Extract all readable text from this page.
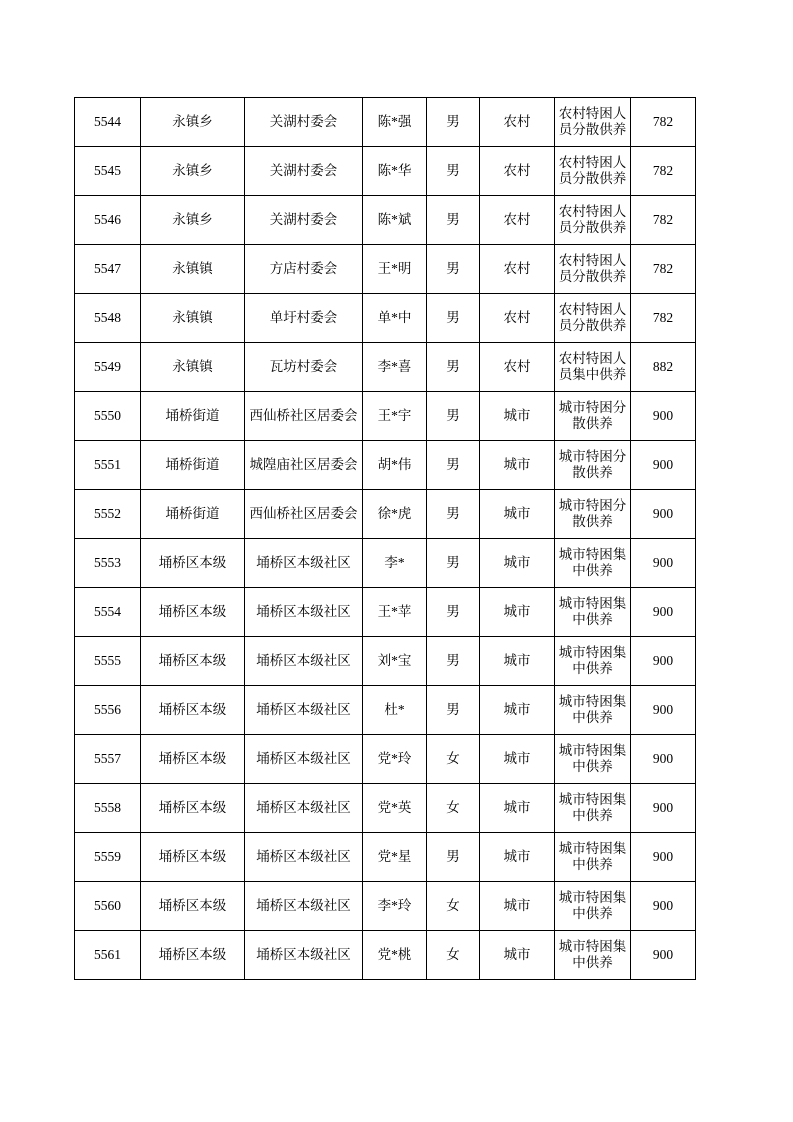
5544	永镇乡	关湖村委会	陈*强	男	农村	农村特困人员分散供养	782
5545	永镇乡	关湖村委会	陈*华	男	农村	农村特困人员分散供养	782
5546	永镇乡	关湖村委会	陈*斌	男	农村	农村特困人员分散供养	782
5547	永镇镇	方店村委会	王*明	男	农村	农村特困人员分散供养	782
5548	永镇镇	单圩村委会	单*中	男	农村	农村特困人员分散供养	782
5549	永镇镇	瓦坊村委会	李*喜	男	农村	农村特困人员集中供养	882
5550	埇桥街道	西仙桥社区居委会	王*宇	男	城市	城市特困分散供养	900
5551	埇桥街道	城隍庙社区居委会	胡*伟	男	城市	城市特困分散供养	900
5552	埇桥街道	西仙桥社区居委会	徐*虎	男	城市	城市特困分散供养	900
5553	埇桥区本级	埇桥区本级社区	李*	男	城市	城市特困集中供养	900
5554	埇桥区本级	埇桥区本级社区	王*苹	男	城市	城市特困集中供养	900
5555	埇桥区本级	埇桥区本级社区	刘*宝	男	城市	城市特困集中供养	900
5556	埇桥区本级	埇桥区本级社区	杜*	男	城市	城市特困集中供养	900
5557	埇桥区本级	埇桥区本级社区	党*玲	女	城市	城市特困集中供养	900
5558	埇桥区本级	埇桥区本级社区	党*英	女	城市	城市特困集中供养	900
5559	埇桥区本级	埇桥区本级社区	党*星	男	城市	城市特困集中供养	900
5560	埇桥区本级	埇桥区本级社区	李*玲	女	城市	城市特困集中供养	900
5561	埇桥区本级	埇桥区本级社区	党*桃	女	城市	城市特困集中供养	900
